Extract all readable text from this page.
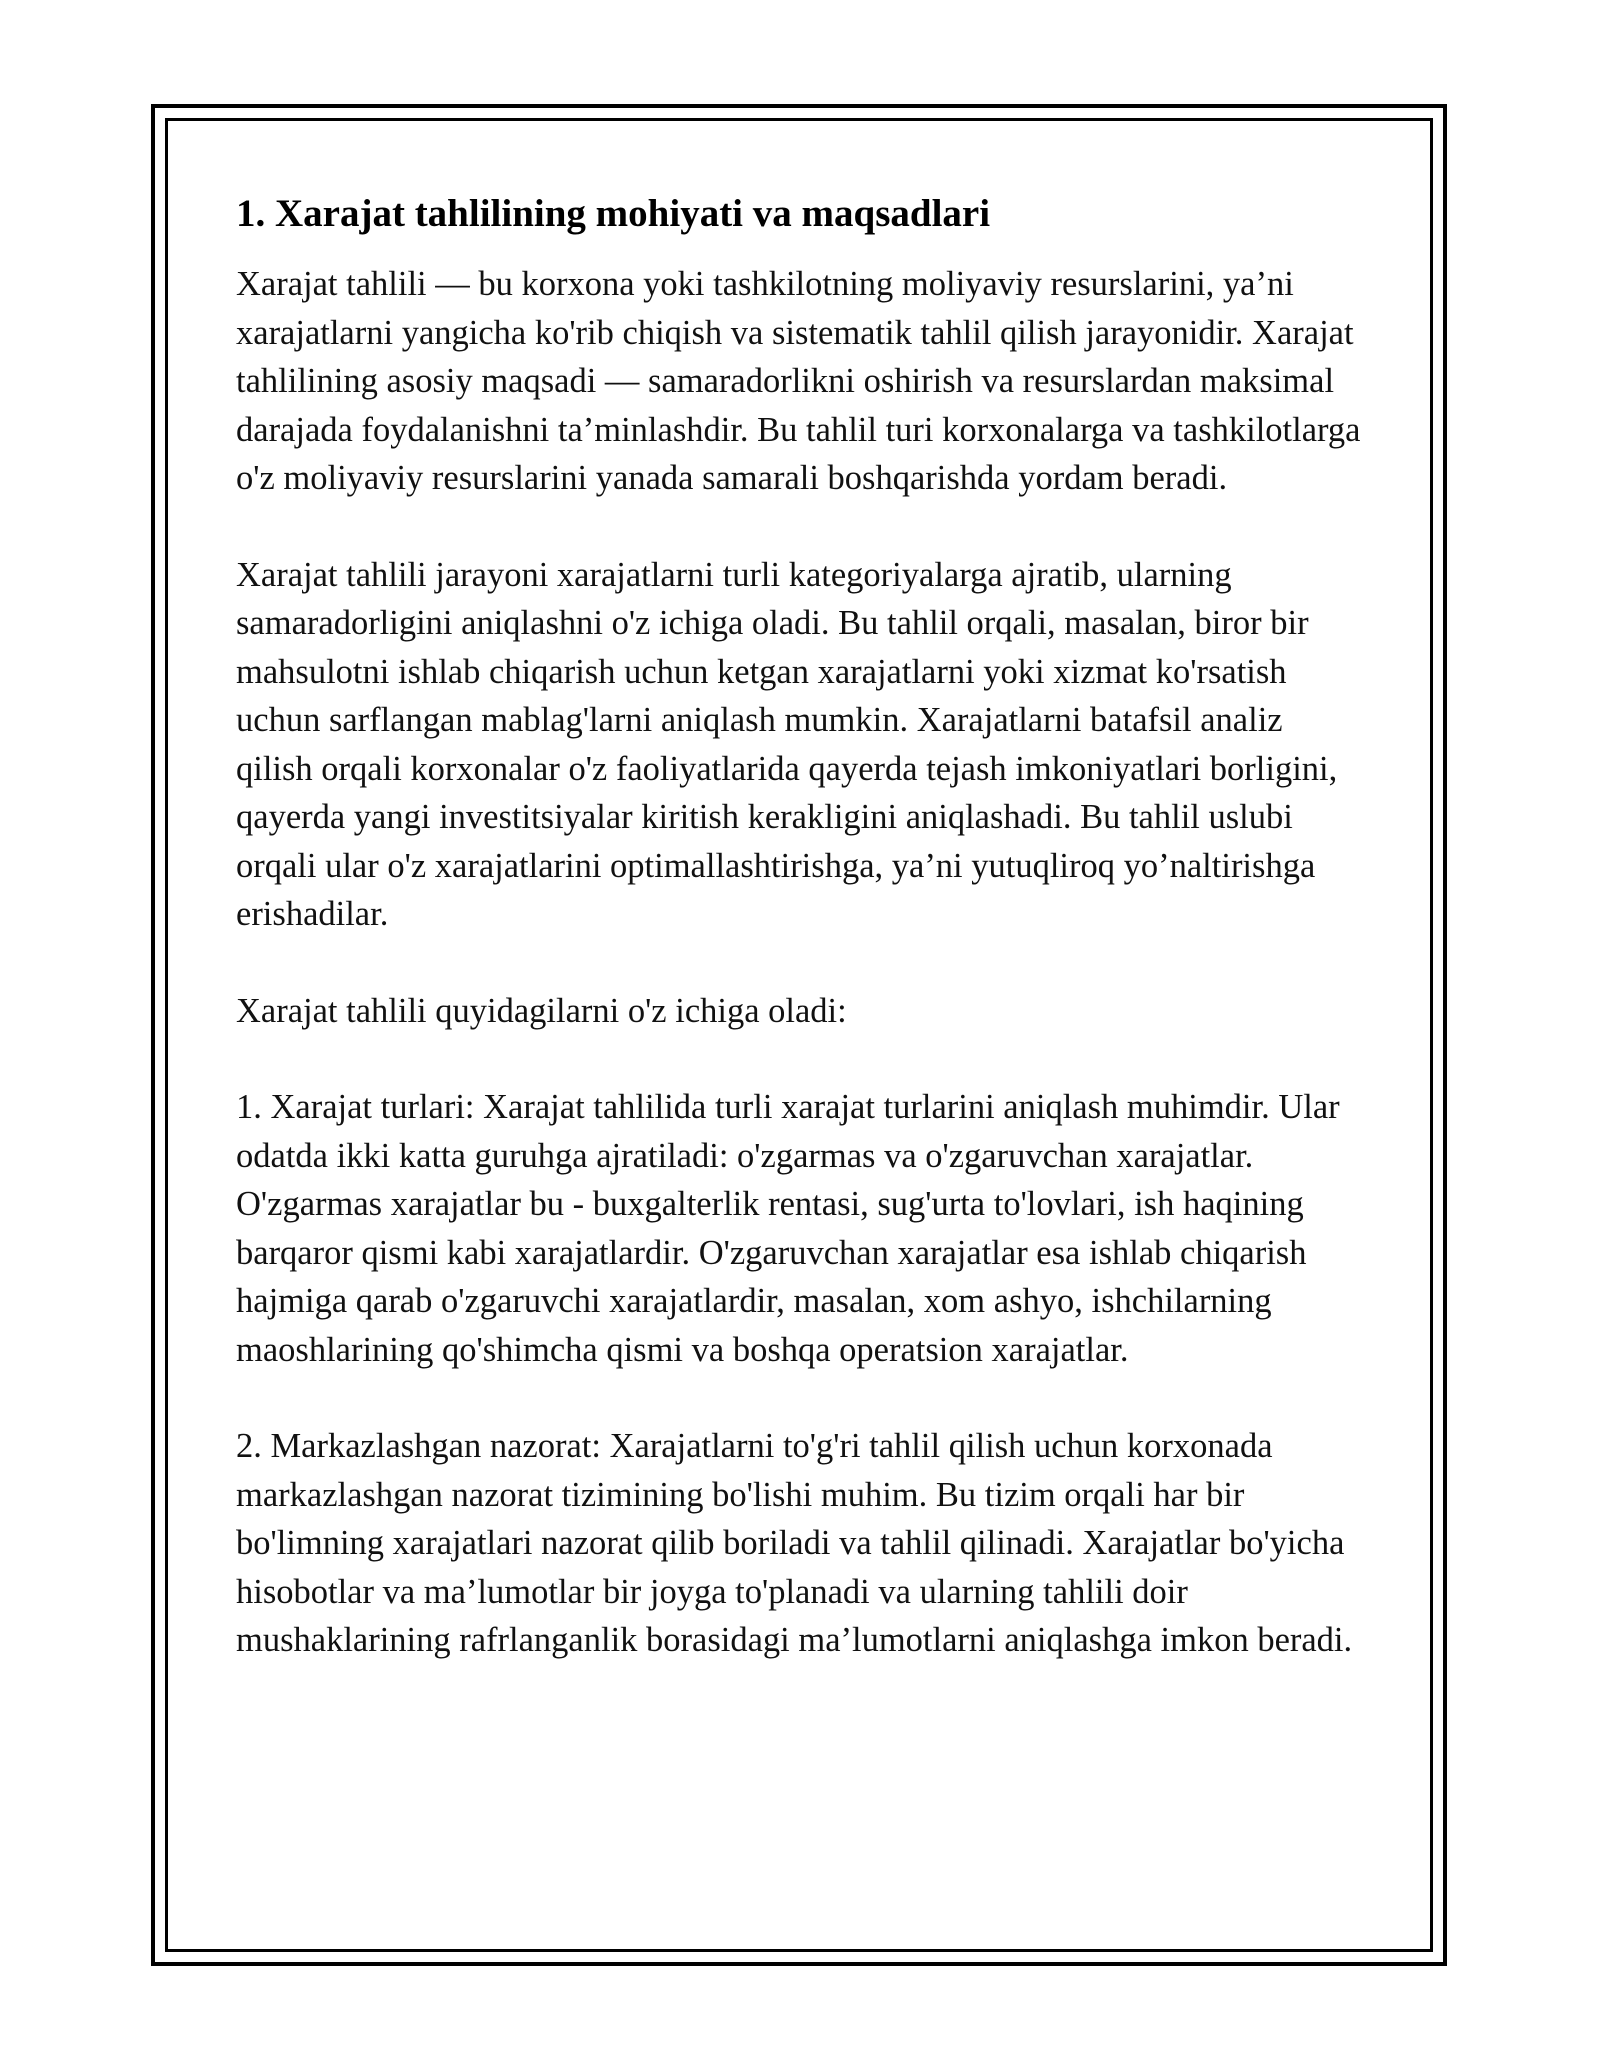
1. Xarajat tahlilining mohiyati va maqsadlari

Xarajat tahlili — bu korxona yoki tashkilotning moliyaviy resurslarini, ya’ni xarajatlarni yangicha ko'rib chiqish va sistematik tahlil qilish jarayonidir. Xarajat tahlilining asosiy maqsadi — samaradorlikni oshirish va resurslardan maksimal darajada foydalanishni ta’minlashdir. Bu tahlil turi korxonalarga va tashkilotlarga o'z moliyaviy resurslarini yanada samarali boshqarishda yordam beradi.

Xarajat tahlili jarayoni xarajatlarni turli kategoriyalarga ajratib, ularning samaradorligini aniqlashni o'z ichiga oladi. Bu tahlil orqali, masalan, biror bir mahsulotni ishlab chiqarish uchun ketgan xarajatlarni yoki xizmat ko'rsatish uchun sarflangan mablag'larni aniqlash mumkin. Xarajatlarni batafsil analiz qilish orqali korxonalar o'z faoliyatlarida qayerda tejash imkoniyatlari borligini, qayerda yangi investitsiyalar kiritish kerakligini aniqlashadi. Bu tahlil uslubi orqali ular o'z xarajatlarini optimallashtirishga, ya’ni yutuqliroq yo’naltirishga erishadilar.

Xarajat tahlili quyidagilarni o'z ichiga oladi:

1. Xarajat turlari: Xarajat tahlilida turli xarajat turlarini aniqlash muhimdir. Ular odatda ikki katta guruhga ajratiladi: o'zgarmas va o'zgaruvchan xarajatlar. O'zgarmas xarajatlar bu - buxgalterlik rentasi, sug'urta to'lovlari, ish haqining barqaror qismi kabi xarajatlardir. O'zgaruvchan xarajatlar esa ishlab chiqarish hajmiga qarab o'zgaruvchi xarajatlardir, masalan, xom ashyo, ishchilarning maoshlarining qo'shimcha qismi va boshqa operatsion xarajatlar.

2. Markazlashgan nazorat: Xarajatlarni to'g'ri tahlil qilish uchun korxonada markazlashgan nazorat tizimining bo'lishi muhim. Bu tizim orqali har bir bo'limning xarajatlari nazorat qilib boriladi va tahlil qilinadi. Xarajatlar bo'yicha hisobotlar va ma’lumotlar bir joyga to'planadi va ularning tahlili doir mushaklarining rafrlanganlik borasidagi ma’lumotlarni aniqlashga imkon beradi.
